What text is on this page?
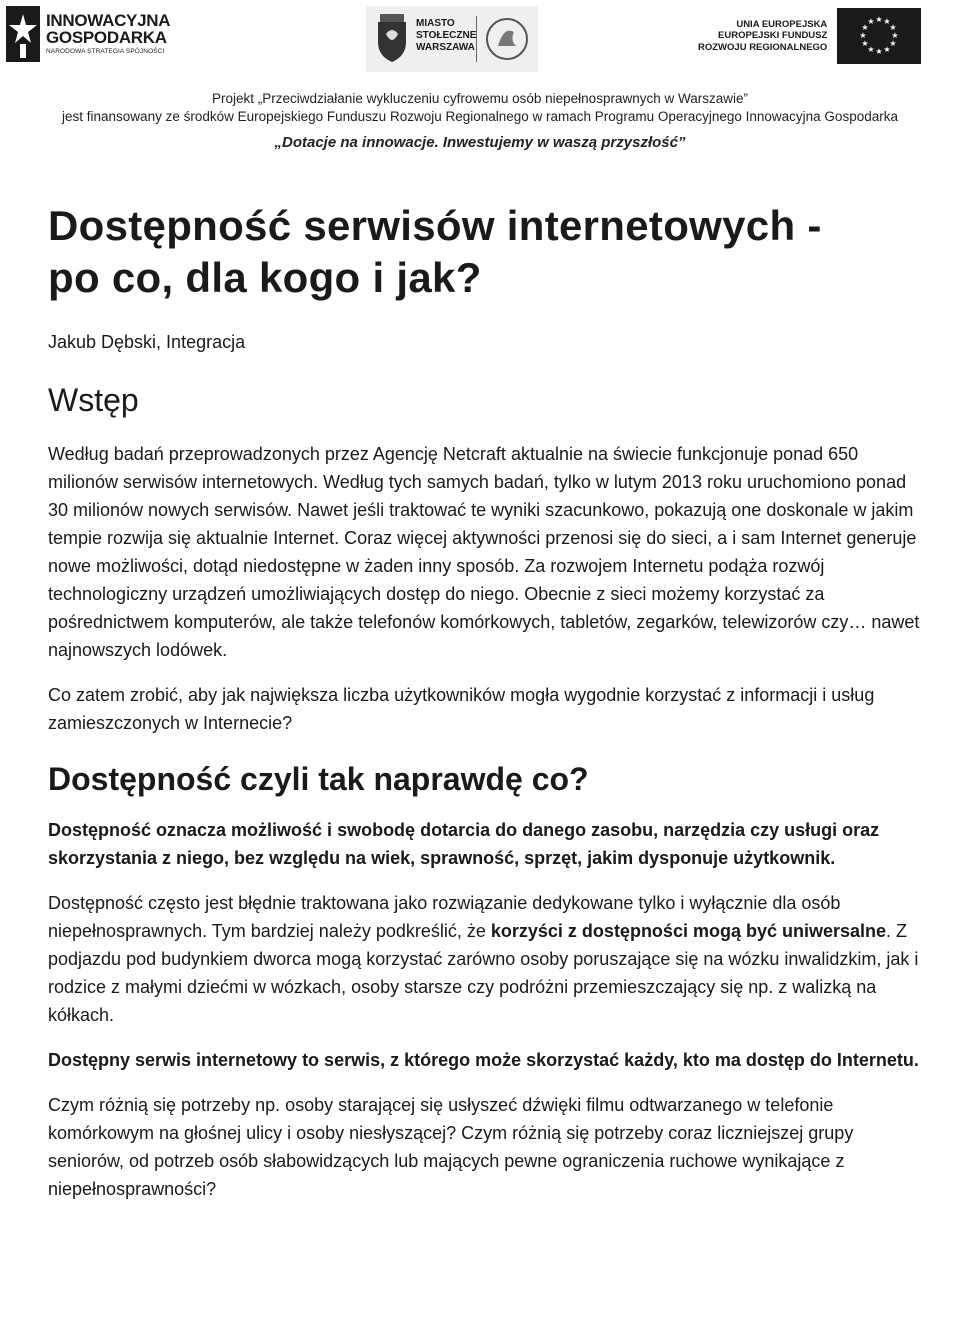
INNOWACYJNA
GOSPODARKA
NARODOWA STRATEGIA SPÓJNOŚCI
MIASTO
STOŁECZNE
WARSZAWA
UNIA EUROPEJSKA
EUROPEJSKI FUNDUSZ
ROZWOJU REGIONALNEGO
★ ★
★
★
★
★
★
★
★
★
★
★
Projekt „Przeciwdziałanie wykluczeniu cyfrowemu osób niepełnosprawnych w Warszawie”
jest finansowany ze środków Europejskiego Funduszu Rozwoju Regionalnego w ramach Programu Operacyjnego Innowacyjna Gospodarka
„Dotacje na innowacje. Inwestujemy w waszą przyszłość”
Dostępność serwisów internetowych -
po co, dla kogo i jak?

Jakub Dębski, Integracja

Wstęp

Według badań przeprowadzonych przez Agencję Netcraft aktualnie na świecie funkcjonuje ponad 650 milionów serwisów internetowych. Według tych samych badań, tylko w lutym 2013 roku uruchomiono ponad 30 milionów nowych serwisów. Nawet jeśli traktować te wyniki szacunkowo, pokazują one doskonale w jakim tempie rozwija się aktualnie Internet. Coraz więcej aktywności przenosi się do sieci, a i sam Internet generuje nowe możliwości, dotąd niedostępne w żaden inny sposób. Za rozwojem Internetu podąża rozwój technologiczny urządzeń umożliwiających dostęp do niego. Obecnie z sieci możemy korzystać za pośrednictwem komputerów, ale także telefonów komórkowych, tabletów, zegarków, telewizorów czy… nawet najnowszych lodówek.

Co zatem zrobić, aby jak największa liczba użytkowników mogła wygodnie korzystać z informacji i usług zamieszczonych w Internecie?

Dostępność czyli tak naprawdę co?

Dostępność oznacza możliwość i swobodę dotarcia do danego zasobu, narzędzia czy usługi oraz skorzystania z niego, bez względu na wiek, sprawność, sprzęt, jakim dysponuje użytkownik.

Dostępność często jest błędnie traktowana jako rozwiązanie dedykowane tylko i wyłącznie dla osób niepełnosprawnych. Tym bardziej należy podkreślić, że korzyści z dostępności mogą być uniwersalne. Z podjazdu pod budynkiem dworca mogą korzystać zarówno osoby poruszające się na wózku inwalidzkim, jak i rodzice z małymi dziećmi w wózkach, osoby starsze czy podróżni przemieszczający się np. z walizką na kółkach.

Dostępny serwis internetowy to serwis, z którego może skorzystać każdy, kto ma dostęp do Internetu.

Czym różnią się potrzeby np. osoby starającej się usłyszeć dźwięki filmu odtwarzanego w telefonie komórkowym na głośnej ulicy i osoby niesłyszącej? Czym różnią się potrzeby coraz liczniejszej grupy seniorów, od potrzeb osób słabowidzących lub mających pewne ograniczenia ruchowe wynikające z niepełnosprawności?
